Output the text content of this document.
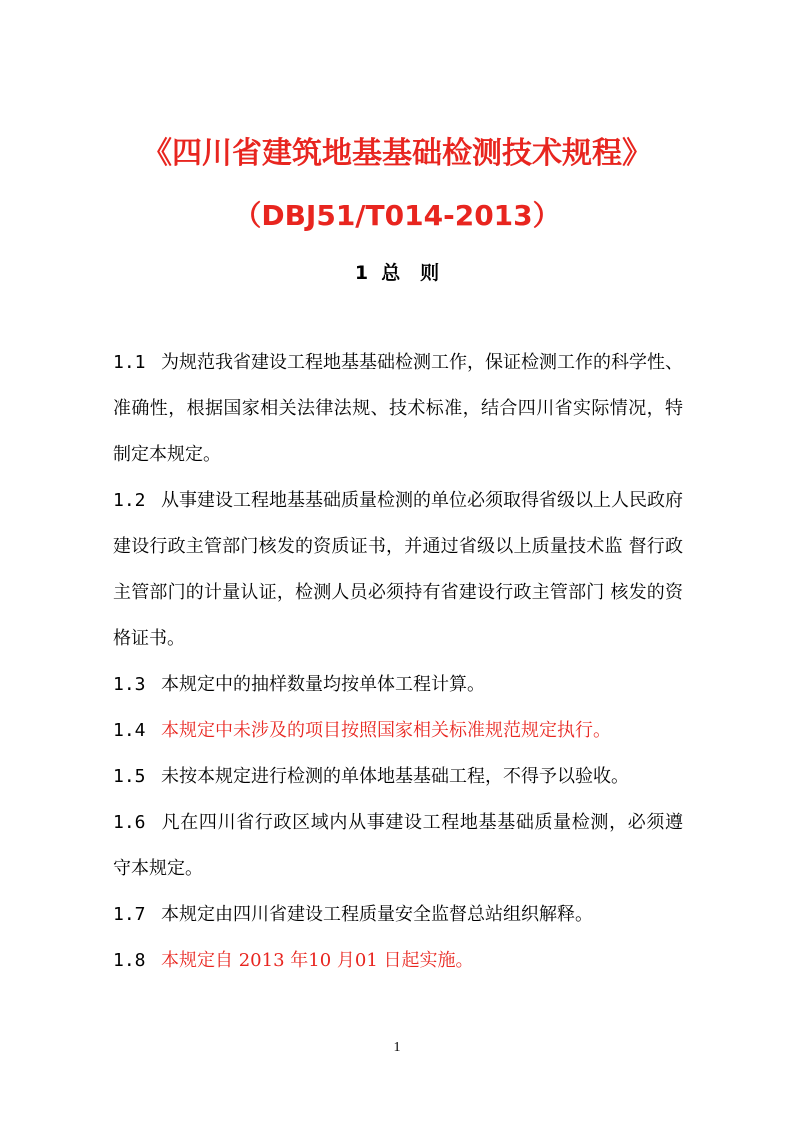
《四川省建筑地基基础检测技术规程》
（DBJ51/T014-2013）
1  总   则

1.1 为规范我省建设工程地基基础检测工作，保证检测工作的科学性、准确性，根据国家相关法律法规、技术标准，结合四川省实际情况，特制定本规定。

1.2 从事建设工程地基基础质量检测的单位必须取得省级以上人民政府建设行政主管部门核发的资质证书，并通过省级以上质量技术监 督行政主管部门的计量认证，检测人员必须持有省建设行政主管部门 核发的资格证书。

1.3 本规定中的抽样数量均按单体工程计算。

1.4 本规定中未涉及的项目按照国家相关标准规范规定执行。

1.5 未按本规定进行检测的单体地基基础工程，不得予以验收。

1.6 凡在四川省行政区域内从事建设工程地基基础质量检测，必须遵 守本规定。

1.7 本规定由四川省建设工程质量安全监督总站组织解释。

1.8 本规定自 2013 年10 月01 日起实施。

1
